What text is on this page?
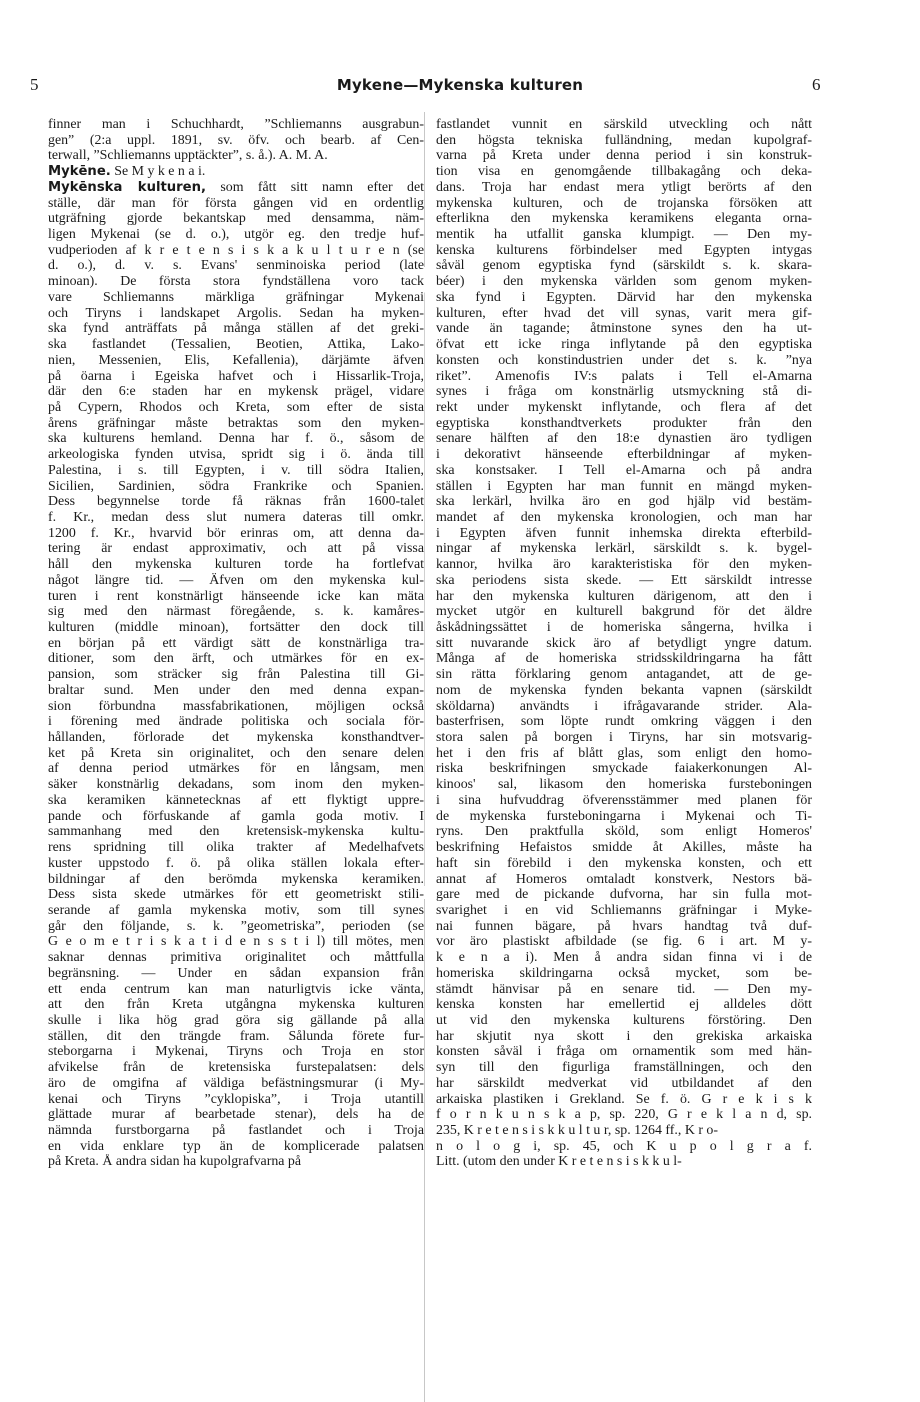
5	Mykene—Mykenska kulturen	6
finner man i Schuchhardt, ”Schliemanns ausgrabun-
gen” (2:a uppl. 1891, sv. öfv. och bearb. af Cen-
terwall, ”Schliemanns upptäckter”, s. å.). A. M. A.
Mykēne. Se M y k e n a i.
Mykēnska kulturen, som fått sitt namn efter det
ställe, där man för första gången vid en ordentlig
utgräfning gjorde bekantskap med densamma, näm-
ligen Mykenai (se d. o.), utgör eg. den tredje huf-
vudperioden af k r e t e n s i s k a k u l t u r e n (se
d. o.), d. v. s. Evans' senminoiska period (late
minoan). De första stora fyndställena voro tack
vare Schliemanns märkliga gräfningar Mykenai
och Tiryns i landskapet Argolis. Sedan ha myken-
ska fynd anträffats på många ställen af det greki-
ska fastlandet (Tessalien, Beotien, Attika, Lako-
nien, Messenien, Elis, Kefallenia), därjämte äfven
på öarna i Egeiska hafvet och i Hissarlik-Troja,
där den 6:e staden har en mykensk prägel, vidare
på Cypern, Rhodos och Kreta, som efter de sista
årens gräfningar måste betraktas som den myken-
ska kulturens hemland. Denna har f. ö., såsom de
arkeologiska fynden utvisa, spridt sig i ö. ända till
Palestina, i s. till Egypten, i v. till södra Italien,
Sicilien, Sardinien, södra Frankrike och Spanien.
Dess begynnelse torde få räknas från 1600-talet
f. Kr., medan dess slut numera dateras till omkr.
1200 f. Kr., hvarvid bör erinras om, att denna da-
tering är endast approximativ, och att på vissa
håll den mykenska kulturen torde ha fortlefvat
något längre tid. — Äfven om den mykenska kul-
turen i rent konstnärligt hänseende icke kan mäta
sig med den närmast föregående, s. k. kamåres-
kulturen (middle minoan), fortsätter den dock till
en början på ett värdigt sätt de konstnärliga tra-
ditioner, som den ärft, och utmärkes för en ex-
pansion, som sträcker sig från Palestina till Gi-
braltar sund. Men under den med denna expan-
sion förbundna massfabrikationen, möjligen också
i förening med ändrade politiska och sociala för-
hållanden, förlorade det mykenska konsthandtver-
ket på Kreta sin originalitet, och den senare delen
af denna period utmärkes för en långsam, men
säker konstnärlig dekadans, som inom den myken-
ska keramiken kännetecknas af ett flyktigt uppre-
pande och förfuskande af gamla goda motiv. I
sammanhang med den kretensisk-mykenska kultu-
rens spridning till olika trakter af Medelhafvets
kuster uppstodo f. ö. på olika ställen lokala efter-
bildningar af den berömda mykenska keramiken.
Dess sista skede utmärkes för ett geometriskt stili-
serande af gamla mykenska motiv, som till synes
går den följande, s. k. ”geometriska”, perioden (se
G e o m e t r i s k a t i d e n s s t i l) till mötes, men
saknar dennas primitiva originalitet och måttfulla
begränsning. — Under en sådan expansion från
ett enda centrum kan man naturligtvis icke vänta,
att den från Kreta utgångna mykenska kulturen
skulle i lika hög grad göra sig gällande på alla
ställen, dit den trängde fram. Sålunda förete fur-
steborgarna i Mykenai, Tiryns och Troja en stor
afvikelse från de kretensiska furstepalatsen: dels
äro de omgifna af väldiga befästningsmurar (i My-
kenai och Tiryns ”cyklopiska”, i Troja utantill
glättade murar af bearbetade stenar), dels ha de
nämnda furstborgarna på fastlandet och i Troja
en vida enklare typ än de komplicerade palatsen
på Kreta. Å andra sidan ha kupolgrafvarna på
fastlandet vunnit en särskild utveckling och nått
den högsta tekniska fulländning, medan kupolgraf-
varna på Kreta under denna period i sin konstruk-
tion visa en genomgående tillbakagång och deka-
dans. Troja har endast mera ytligt berörts af den
mykenska kulturen, och de trojanska försöken att
efterlikna den mykenska keramikens eleganta orna-
mentik ha utfallit ganska klumpigt. — Den my-
kenska kulturens förbindelser med Egypten intygas
såväl genom egyptiska fynd (särskildt s. k. skara-
béer) i den mykenska världen som genom myken-
ska fynd i Egypten. Därvid har den mykenska
kulturen, efter hvad det vill synas, varit mera gif-
vande än tagande; åtminstone synes den ha ut-
öfvat ett icke ringa inflytande på den egyptiska
konsten och konstindustrien under det s. k. ”nya
riket”. Amenofis IV:s palats i Tell el-Amarna
synes i fråga om konstnärlig utsmyckning stå di-
rekt under mykenskt inflytande, och flera af det
egyptiska konsthandtverkets produkter från den
senare hälften af den 18:e dynastien äro tydligen
i dekorativt hänseende efterbildningar af myken-
ska konstsaker. I Tell el-Amarna och på andra
ställen i Egypten har man funnit en mängd myken-
ska lerkärl, hvilka äro en god hjälp vid bestäm-
mandet af den mykenska kronologien, och man har
i Egypten äfven funnit inhemska direkta efterbild-
ningar af mykenska lerkärl, särskildt s. k. bygel-
kannor, hvilka äro karakteristiska för den myken-
ska periodens sista skede. — Ett särskildt intresse
har den mykenska kulturen därigenom, att den i
mycket utgör en kulturell bakgrund för det äldre
åskådningssättet i de homeriska sångerna, hvilka i
sitt nuvarande skick äro af betydligt yngre datum.
Många af de homeriska stridsskildringarna ha fått
sin rätta förklaring genom antagandet, att de ge-
nom de mykenska fynden bekanta vapnen (särskildt
sköldarna) användts i ifrågavarande strider. Ala-
basterfrisen, som löpte rundt omkring väggen i den
stora salen på borgen i Tiryns, har sin motsvarig-
het i den fris af blått glas, som enligt den homo-
riska beskrifningen smyckade faiakerkonungen Al-
kinoos' sal, likasom den homeriska fursteboningen
i sina hufvuddrag öfverensstämmer med planen för
de mykenska fursteboningarna i Mykenai och Ti-
ryns. Den praktfulla sköld, som enligt Homeros'
beskrifning Hefaistos smidde åt Akilles, måste ha
haft sin förebild i den mykenska konsten, och ett
annat af Homeros omtaladt konstverk, Nestors bä-
gare med de pickande dufvorna, har sin fulla mot-
svarighet i en vid Schliemanns gräfningar i Myke-
nai funnen bägare, på hvars handtag två duf-
vor äro plastiskt afbildade (se fig. 6 i art. M y-
k e n a i). Men å andra sidan finna vi i de
homeriska skildringarna också mycket, som be-
stämdt hänvisar på en senare tid. — Den my-
kenska konsten har emellertid ej alldeles dött
ut vid den mykenska kulturens förstöring. Den
har skjutit nya skott i den grekiska arkaiska
konsten såväl i fråga om ornamentik som med hän-
syn till den figurliga framställningen, och den
har särskildt medverkat vid utbildandet af den
arkaiska plastiken i Grekland. Se f. ö. G r e k i s k
f o r n k u n s k a p, sp. 220, G r e k l a n d, sp.
235, K r e t e n s i s k k u l t u r, sp. 1264 ff., K r o-
n o l o g i, sp. 45, och K u p o l g r a f.
Litt. (utom den under K r e t e n s i s k k u l-
